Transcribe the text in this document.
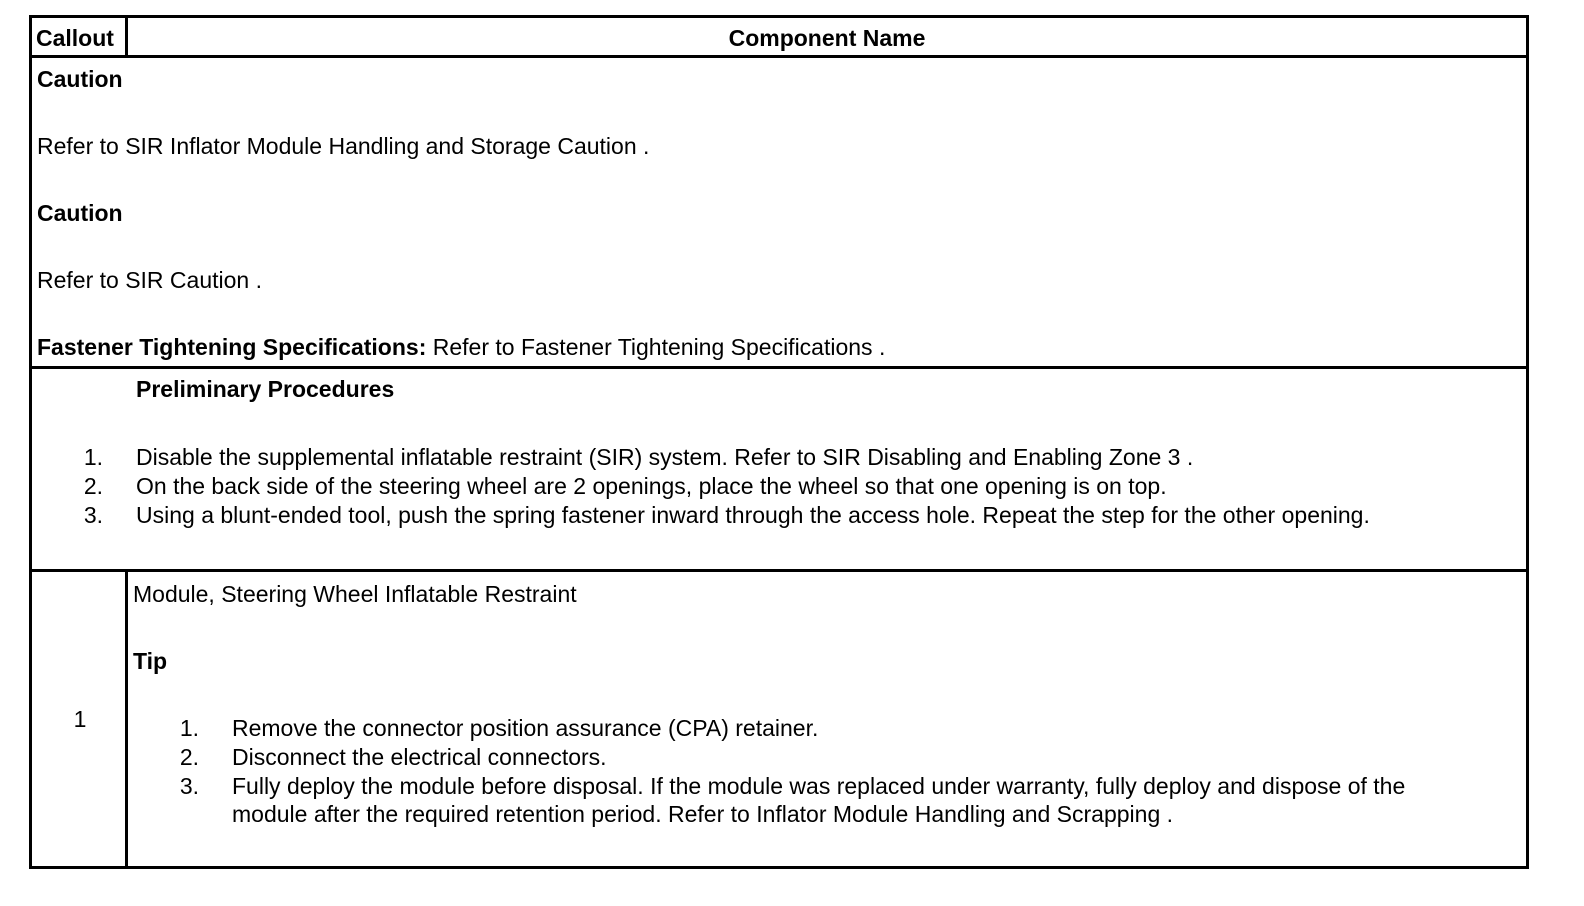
Callout	Component Name
Caution
Refer to SIR Inflator Module Handling and Storage Caution .
Caution
Refer to SIR Caution .
Fastener Tightening Specifications: Refer to Fastener Tightening Specifications .
Preliminary Procedures
1. Disable the supplemental inflatable restraint (SIR) system. Refer to SIR Disabling and Enabling Zone 3 .
2. On the back side of the steering wheel are 2 openings, place the wheel so that one opening is on top.
3. Using a blunt-ended tool, push the spring fastener inward through the access hole. Repeat the step for the other opening.
1
Module, Steering Wheel Inflatable Restraint
Tip
1. Remove the connector position assurance (CPA) retainer.
2. Disconnect the electrical connectors.
3. Fully deploy the module before disposal. If the module was replaced under warranty, fully deploy and dispose of the
module after the required retention period. Refer to Inflator Module Handling and Scrapping .
